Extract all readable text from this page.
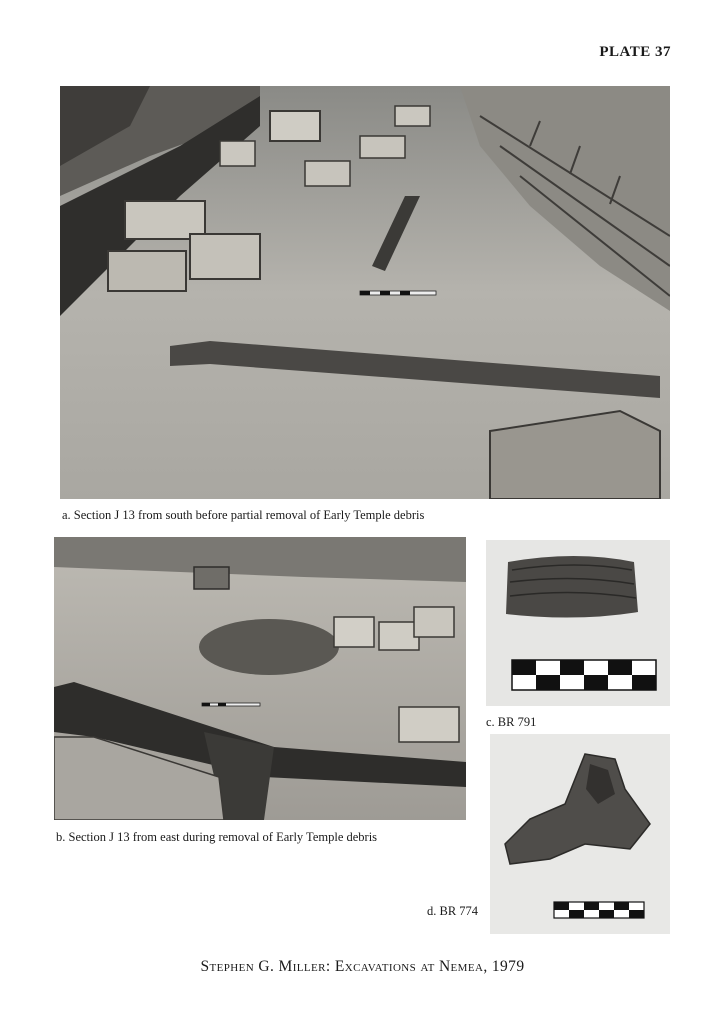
PLATE 37
a. Section J 13 from south before partial removal of Early Temple debris
b. Section J 13 from east during removal of Early Temple debris
c. BR 791
d. BR 774
Stephen G. Miller: Excavations at Nemea, 1979
